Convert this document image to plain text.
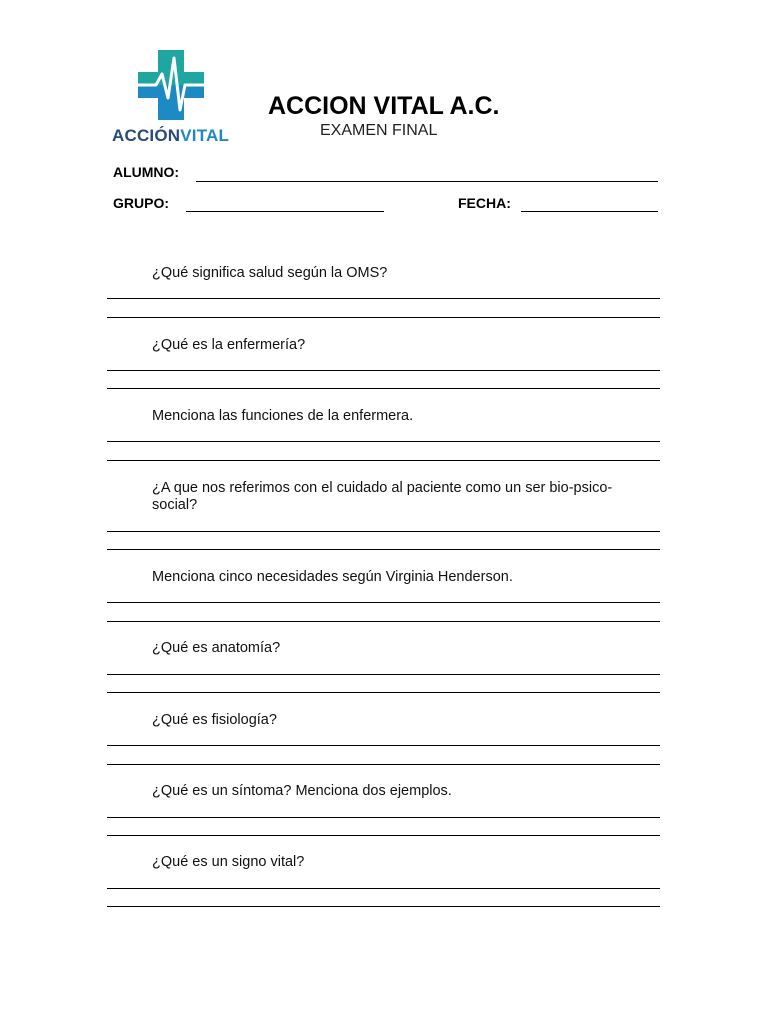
ACCIÓNVITAL
ACCION VITAL A.C.
EXAMEN FINAL
ALUMNO:
GRUPO:	FECHA:
¿Qué significa salud según la OMS?
¿Qué es la enfermería?
Menciona las funciones de la enfermera.
¿A que nos referimos con el cuidado al paciente como un ser bio-psico-social?
Menciona cinco necesidades según Virginia Henderson.
¿Qué es anatomía?
¿Qué es fisiología?
¿Qué es un síntoma? Menciona dos ejemplos.
¿Qué es un signo vital?
